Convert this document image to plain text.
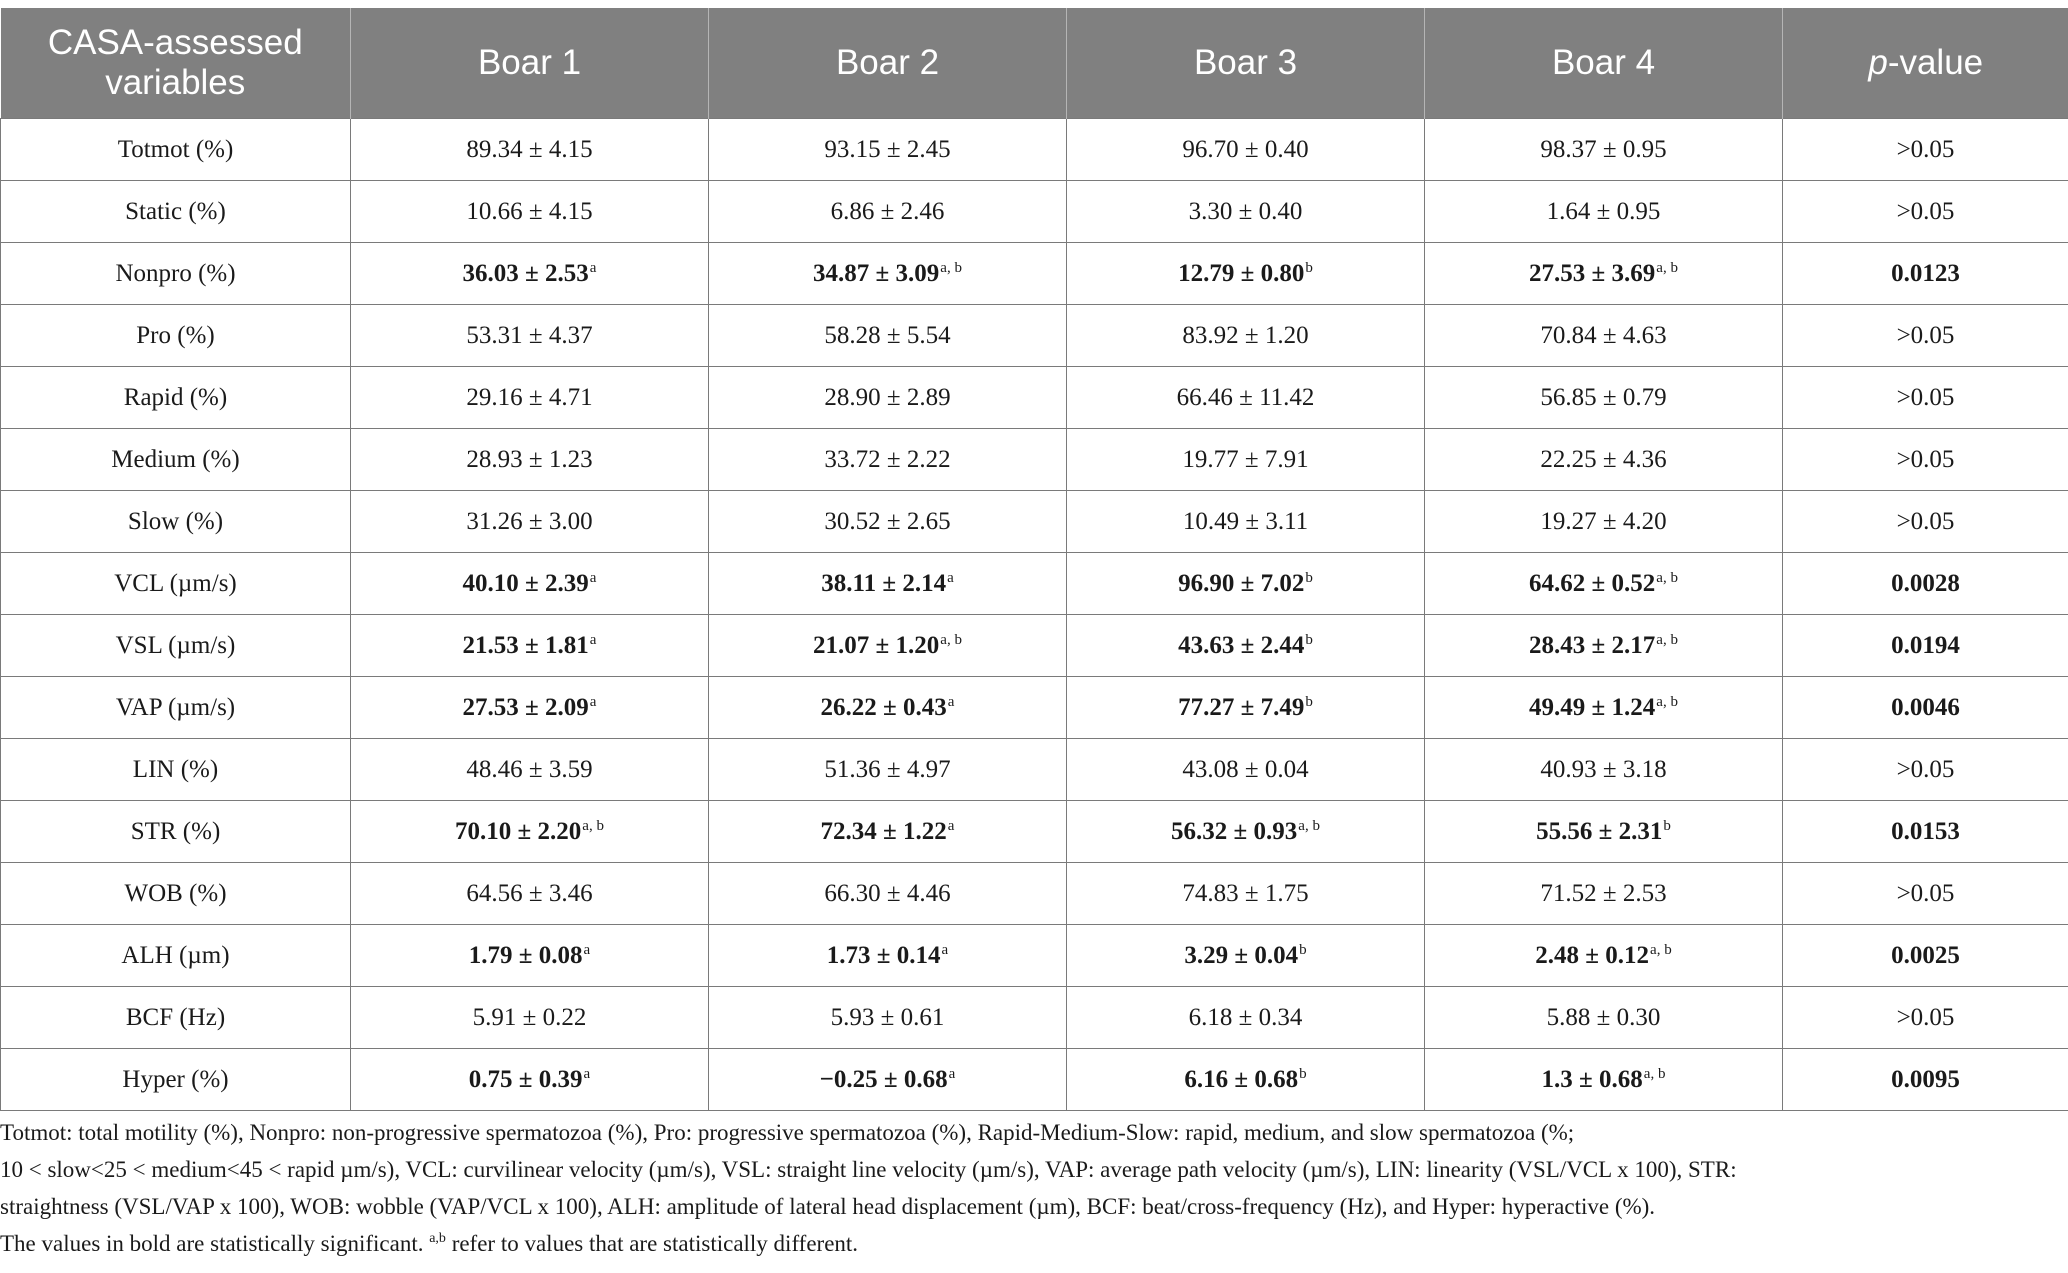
CASA-assessed
variables	Boar 1	Boar 2	Boar 3	Boar 4	p-value
Totmot (%)	89.34 ± 4.15	93.15 ± 2.45	96.70 ± 0.40	98.37 ± 0.95	>0.05
Static (%)	10.66 ± 4.15	6.86 ± 2.46	3.30 ± 0.40	1.64 ± 0.95	>0.05
Nonpro (%)	36.03 ± 2.53$^a$	$34.87 \pm 3.09^{a, b}$	12.79 ± 0.80$^b$	$27.53 \pm 3.69^{a, b}$	0.0123
Pro (%)	53.31 ± 4.37	58.28 ± 5.54	83.92 ± 1.20	70.84 ± 4.63	>0.05
Rapid (%)	29.16 ± 4.71	28.90 ± 2.89	66.46 ± 11.42	56.85 ± 0.79	>0.05
Medium (%)	28.93 ± 1.23	33.72 ± 2.22	19.77 ± 7.91	22.25 ± 4.36	>0.05
Slow (%)	31.26 ± 3.00	30.52 ± 2.65	10.49 ± 3.11	19.27 ± 4.20	>0.05
VCL (µm/s)	40.10 ± 2.39$^a$	38.11 ± 2.14$^a$	96.90 ± 7.02$^b$	$64.62 \pm 0.52^{a, b}$	0.0028
VSL (µm/s)	21.53 ± 1.81$^a$	$21.07 \pm 1.20^{a, b}$	43.63 ± 2.44$^b$	$28.43 \pm 2.17^{a, b}$	0.0194
VAP (µm/s)	27.53 ± 2.09$^a$	26.22 ± 0.43$^a$	77.27 ± 7.49$^b$	$49.49 \pm 1.24^{a, b}$	0.0046
LIN (%)	48.46 ± 3.59	51.36 ± 4.97	43.08 ± 0.04	40.93 ± 3.18	>0.05
STR (%)	$70.10 \pm 2.20^{a, b}$	72.34 ± 1.22$^a$	$56.32 \pm 0.93^{a, b}$	55.56 ± 2.31$^b$	0.0153
WOB (%)	64.56 ± 3.46	66.30 ± 4.46	74.83 ± 1.75	71.52 ± 2.53	>0.05
ALH (µm)	1.79 ± 0.08$^a$	1.73 ± 0.14$^a$	3.29 ± 0.04$^b$	$2.48 \pm 0.12^{a, b}$	0.0025
BCF (Hz)	5.91 ± 0.22	5.93 ± 0.61	6.18 ± 0.34	5.88 ± 0.30	>0.05
Hyper (%)	0.75 ± 0.39$^a$	−0.25 ± 0.68$^a$	6.16 ± 0.68$^b$	$1.3 \pm 0.68^{a, b}$	0.0095
Totmot: total motility (%), Nonpro: non-progressive spermatozoa (%), Pro: progressive spermatozoa (%), Rapid-Medium-Slow: rapid, medium, and slow spermatozoa (%;
10 < slow<25 < medium<45 < rapid µm/s), VCL: curvilinear velocity (µm/s), VSL: straight line velocity (µm/s), VAP: average path velocity (µm/s), LIN: linearity (VSL/VCL x 100), STR:
straightness (VSL/VAP x 100), WOB: wobble (VAP/VCL x 100), ALH: amplitude of lateral head displacement (µm), BCF: beat/cross-frequency (Hz), and Hyper: hyperactive (%).
The values in bold are statistically significant. $^{a,b}$ refer to values that are statistically different.
